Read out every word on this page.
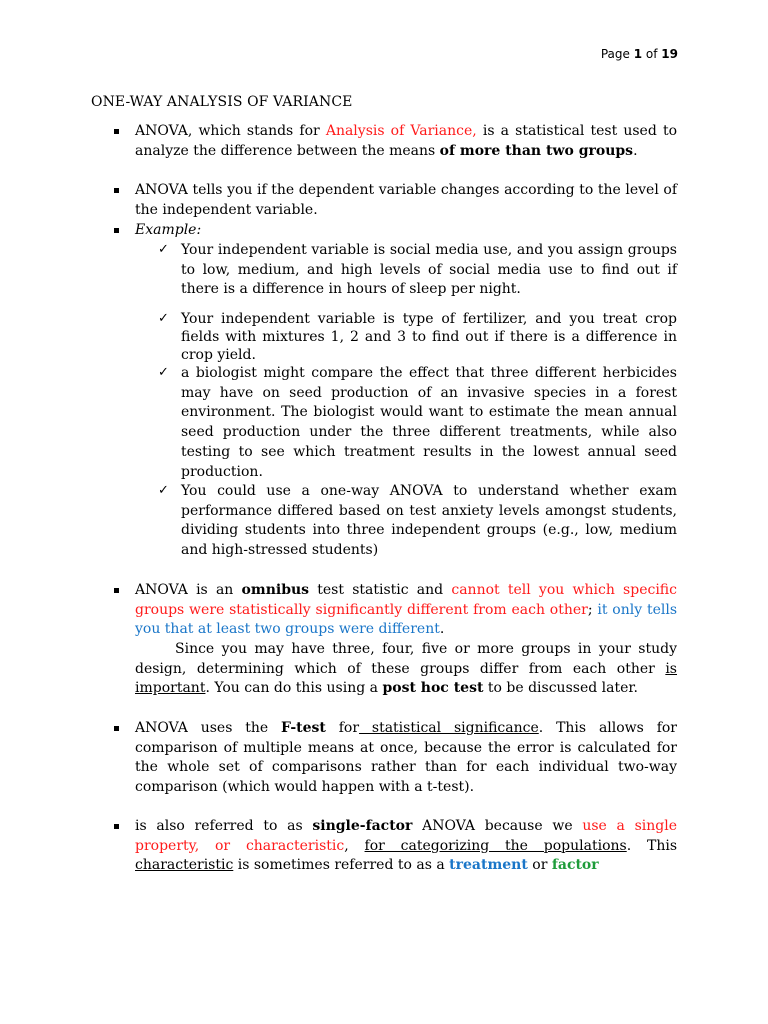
Page 1 of 19
ONE-WAY ANALYSIS OF VARIANCE
ANOVA, which stands for Analysis of Variance, is a statistical test used to analyze the difference between the means of more than two groups.
ANOVA tells you if the dependent variable changes according to the level of the independent variable.
Example:
✓ Your independent variable is social media use, and you assign groups to low, medium, and high levels of social media use to find out if there is a difference in hours of sleep per night.
✓ Your independent variable is type of fertilizer, and you treat crop fields with mixtures 1, 2 and 3 to find out if there is a difference in crop yield.
✓ a biologist might compare the effect that three different herbicides may have on seed production of an invasive species in a forest environment. The biologist would want to estimate the mean annual seed production under the three different treatments, while also testing to see which treatment results in the lowest annual seed production.
✓ You could use a one-way ANOVA to understand whether exam performance differed based on test anxiety levels amongst students, dividing students into three independent groups (e.g., low, medium and high-stressed students)
ANOVA is an omnibus test statistic and cannot tell you which specific groups were statistically significantly different from each other; it only tells you that at least two groups were different.
Since you may have three, four, five or more groups in your study design, determining which of these groups differ from each other is important. You can do this using a post hoc test to be discussed later.
ANOVA uses the F-test for statistical significance. This allows for comparison of multiple means at once, because the error is calculated for the whole set of comparisons rather than for each individual two-way comparison (which would happen with a t-test).
is also referred to as single-factor ANOVA because we use a single property, or characteristic, for categorizing the populations. This characteristic is sometimes referred to as a treatment or factor
